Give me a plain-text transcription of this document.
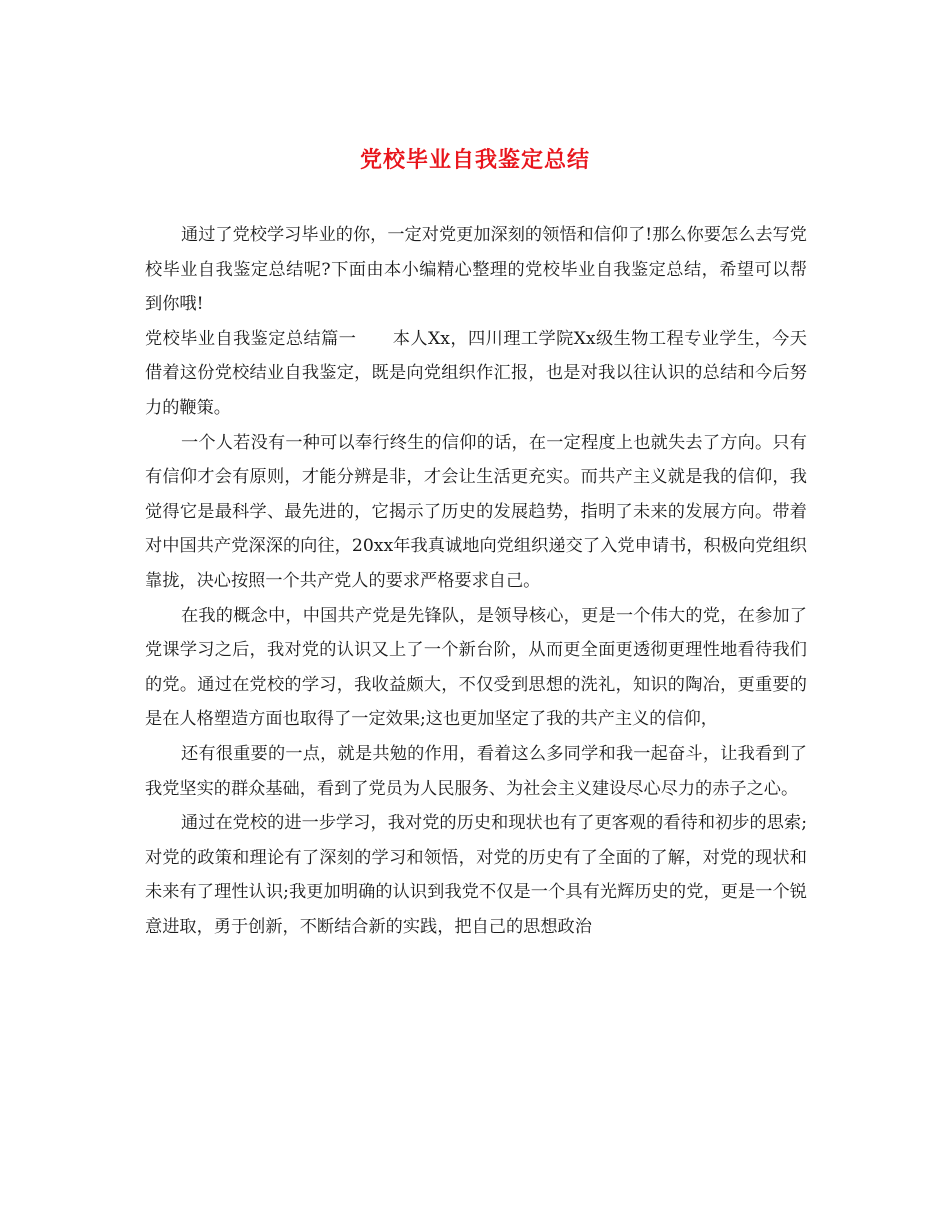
党校毕业自我鉴定总结

通过了党校学习毕业的你，一定对党更加深刻的领悟和信仰了!那么你要怎么去写党校毕业自我鉴定总结呢?下面由本小编精心整理的党校毕业自我鉴定总结，希望可以帮到你哦!

党校毕业自我鉴定总结篇一 本人Xx，四川理工学院Xx级生物工程专业学生，今天借着这份党校结业自我鉴定，既是向党组织作汇报，也是对我以往认识的总结和今后努力的鞭策。

一个人若没有一种可以奉行终生的信仰的话，在一定程度上也就失去了方向。只有有信仰才会有原则，才能分辨是非，才会让生活更充实。而共产主义就是我的信仰，我觉得它是最科学、最先进的，它揭示了历史的发展趋势，指明了未来的发展方向。带着对中国共产党深深的向往，20xx年我真诚地向党组织递交了入党申请书，积极向党组织靠拢，决心按照一个共产党人的要求严格要求自己。

在我的概念中，中国共产党是先锋队，是领导核心，更是一个伟大的党，在参加了党课学习之后，我对党的认识又上了一个新台阶，从而更全面更透彻更理性地看待我们的党。通过在党校的学习，我收益颇大，不仅受到思想的洗礼，知识的陶冶，更重要的是在人格塑造方面也取得了一定效果;这也更加坚定了我的共产主义的信仰，

还有很重要的一点，就是共勉的作用，看着这么多同学和我一起奋斗，让我看到了我党坚实的群众基础，看到了党员为人民服务、为社会主义建设尽心尽力的赤子之心。

通过在党校的进一步学习，我对党的历史和现状也有了更客观的看待和初步的思索;对党的政策和理论有了深刻的学习和领悟，对党的历史有了全面的了解，对党的现状和未来有了理性认识;我更加明确的认识到我党不仅是一个具有光辉历史的党，更是一个锐意进取，勇于创新，不断结合新的实践，把自己的思想政治
